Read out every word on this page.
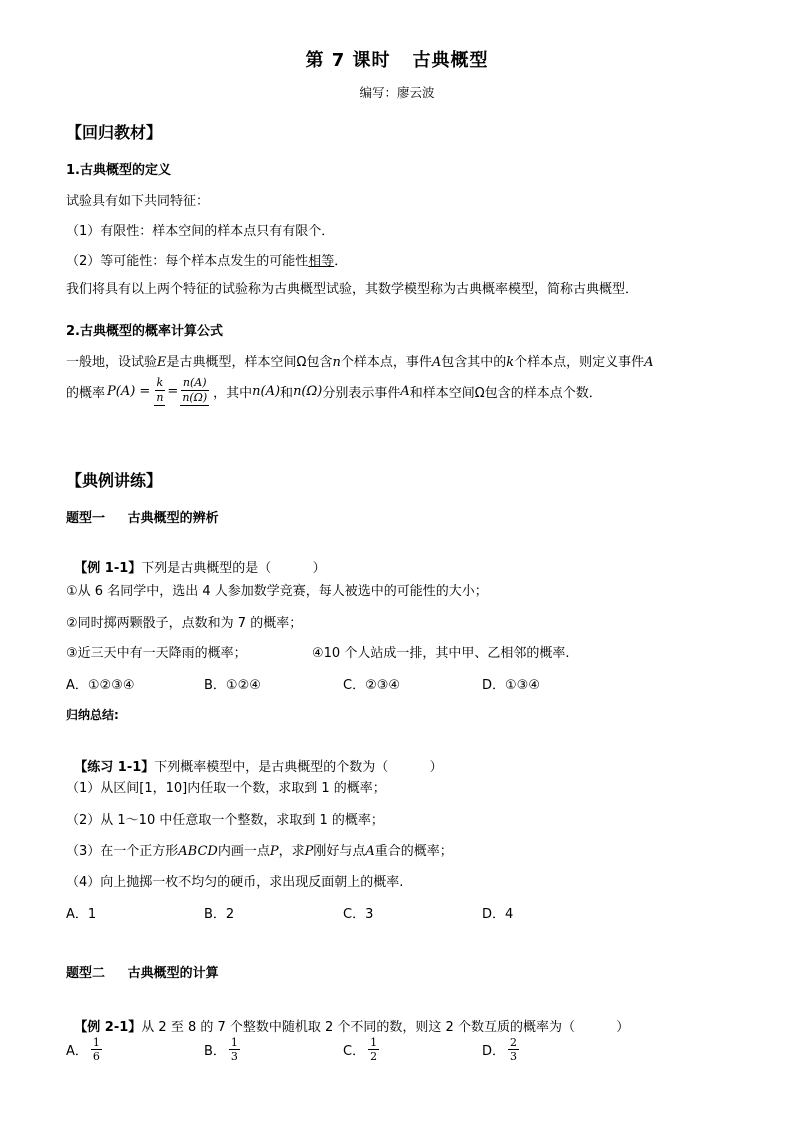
第 7 课时 古典概型
编写：廖云波
【回归教材】
1.古典概型的定义
试验具有如下共同特征：
（1）有限性：样本空间的样本点只有有限个．
（2）等可能性：每个样本点发生的可能性相等．
我们将具有以上两个特征的试验称为古典概型试验，其数学模型称为古典概率模型，简称古典概型．
2.古典概型的概率计算公式
一般地，设试验E是古典概型，样本空间Ω包含n个样本点，事件A包含其中的k个样本点，则定义事件A
的概率 $P(A) = \frac{k}{n} = \frac{n(A)}{n(\Omega)}$ ，其中 n(A) 和 n(Ω) 分别表示事件 A 和样本空间Ω包含的样本点个数．
【典例讲练】
题型一     古典概型的辨析

【例 1-1】下列是古典概型的是（          ）

①从 6 名同学中，选出 4 人参加数学竞赛，每人被选中的可能性的大小；
②同时掷两颗骰子，点数和为 7 的概率；
③近三天中有一天降雨的概率；	④10 个人站成一排，其中甲、乙相邻的概率.
A．①②③④	B．①②④	C．②③④	D．①③④
归纳总结:

【练习 1-1】下列概率模型中，是古典概型的个数为（          ）

（1）从区间[1，10]内任取一个数，求取到 1 的概率；
（2）从 1～10 中任意取一个整数，求取到 1 的概率；
（3）在一个正方形ABCD内画一点P，求P刚好与点A重合的概率；
（4）向上抛掷一枚不均匀的硬币，求出现反面朝上的概率.
A．1	B．2	C．3	D．4
题型二     古典概型的计算

【例 2-1】从 2 至 8 的 7 个整数中随机取 2 个不同的数，则这 2 个数互质的概率为（          ）

A． $\frac{1}{6}$	B． $\frac{1}{3}$	C． $\frac{1}{2}$	D． $\frac{2}{3}$
